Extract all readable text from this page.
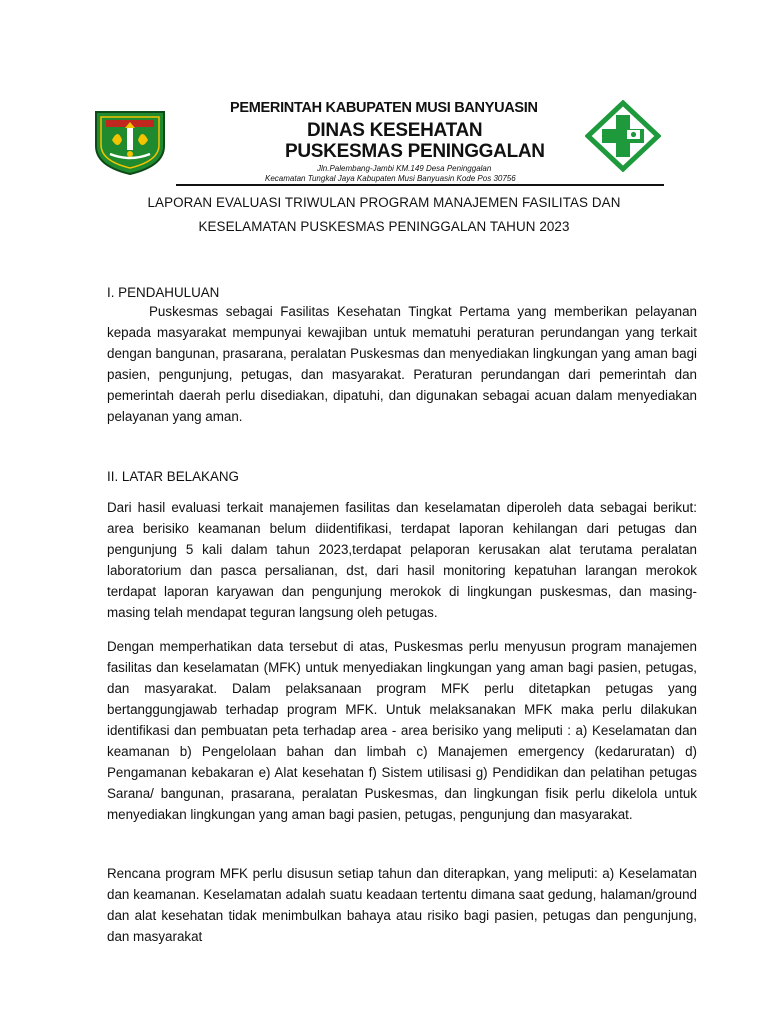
PEMERINTAH KABUPATEN MUSI BANYUASIN
DINAS KESEHATAN
PUSKESMAS PENINGGALAN
Jln.Palembang-Jambi KM.149 Desa Peninggalan
Kecamatan Tungkal Jaya Kabupaten Musi Banyuasin Kode Pos 30756
LAPORAN EVALUASI TRIWULAN PROGRAM MANAJEMEN FASILITAS DAN
KESELAMATAN PUSKESMAS PENINGGALAN TAHUN 2023
I. PENDAHULUAN
Puskesmas sebagai Fasilitas Kesehatan Tingkat Pertama yang memberikan pelayanan kepada masyarakat mempunyai kewajiban untuk mematuhi peraturan perundangan yang terkait dengan bangunan, prasarana, peralatan Puskesmas dan menyediakan lingkungan yang aman bagi pasien, pengunjung, petugas, dan masyarakat. Peraturan perundangan dari pemerintah dan pemerintah daerah perlu disediakan, dipatuhi, dan digunakan sebagai acuan dalam menyediakan pelayanan yang aman.
II. LATAR BELAKANG
Dari hasil evaluasi terkait manajemen fasilitas dan keselamatan diperoleh data sebagai berikut: area berisiko keamanan belum diidentifikasi, terdapat laporan kehilangan dari petugas dan pengunjung 5 kali dalam tahun 2023,terdapat pelaporan kerusakan alat terutama peralatan laboratorium dan pasca persalianan, dst, dari hasil monitoring kepatuhan larangan merokok terdapat laporan karyawan dan pengunjung merokok di lingkungan puskesmas, dan masing-masing telah mendapat teguran langsung oleh petugas.
Dengan memperhatikan data tersebut di atas, Puskesmas perlu menyusun program manajemen fasilitas dan keselamatan (MFK) untuk menyediakan lingkungan yang aman bagi pasien, petugas, dan masyarakat. Dalam pelaksanaan program MFK perlu ditetapkan petugas yang bertanggungjawab terhadap program MFK. Untuk melaksanakan MFK maka perlu dilakukan identifikasi dan pembuatan peta terhadap area - area berisiko yang meliputi : a) Keselamatan dan keamanan b) Pengelolaan bahan dan limbah c) Manajemen emergency (kedaruratan) d) Pengamanan kebakaran e) Alat kesehatan f) Sistem utilisasi g) Pendidikan dan pelatihan petugas Sarana/ bangunan, prasarana, peralatan Puskesmas, dan lingkungan fisik perlu dikelola untuk menyediakan lingkungan yang aman bagi pasien, petugas, pengunjung dan masyarakat.
Rencana program MFK perlu disusun setiap tahun dan diterapkan, yang meliputi: a) Keselamatan dan keamanan. Keselamatan adalah suatu keadaan tertentu dimana saat gedung, halaman/ground dan alat kesehatan tidak menimbulkan bahaya atau risiko bagi pasien, petugas dan pengunjung, dan masyarakat
